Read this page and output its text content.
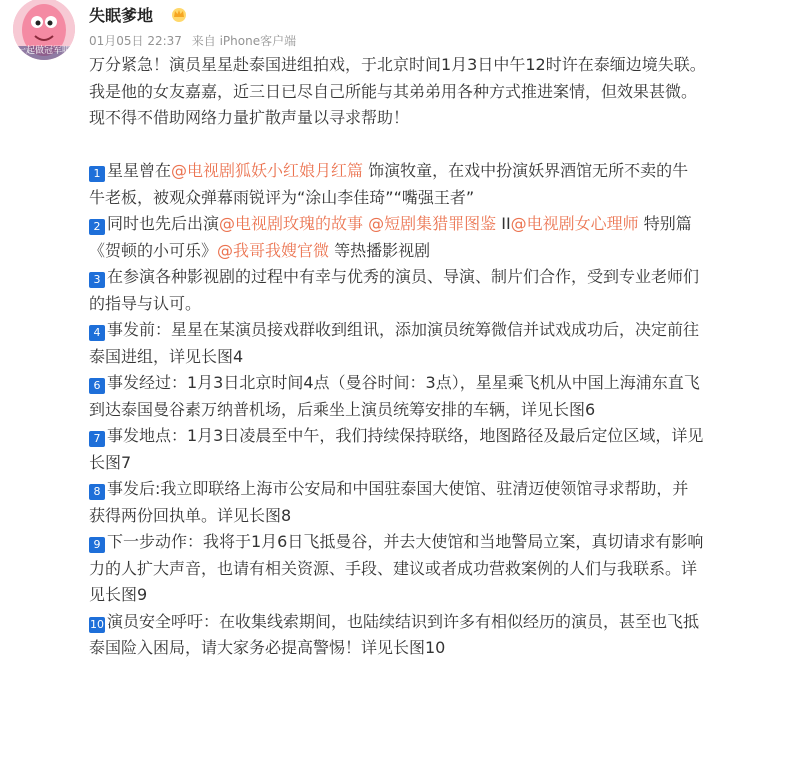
一起做冠军吧
失眠爹地
01月05日 22:37 来自 iPhone客户端
万分紧急！演员星星赴泰国进组拍戏，于北京时间1月3日中午12时许在泰缅边境失联。
我是他的女友嘉嘉，近三日已尽自己所能与其弟弟用各种方式推进案情，但效果甚微。
现不得不借助网络力量扩散声量以寻求帮助！
1 星星曾在@电视剧狐妖小红娘月红篇 饰演牧童，在戏中扮演妖界酒馆无所不卖的牛
牛老板，被观众弹幕雨锐评为“涂山李佳琦”“嘴强王者”
2 同时也先后出演@电视剧玫瑰的故事 @短剧集猎罪图鉴 II@电视剧女心理师 特别篇
《贺顿的小可乐》@我哥我嫂官微 等热播影视剧
3 在参演各种影视剧的过程中有幸与优秀的演员、导演、制片们合作，受到专业老师们
的指导与认可。
4 事发前：星星在某演员接戏群收到组讯，添加演员统筹微信并试戏成功后，决定前往
泰国进组，详见长图4
6 事发经过：1月3日北京时间4点（曼谷时间：3点），星星乘飞机从中国上海浦东直飞
到达泰国曼谷素万纳普机场，后乘坐上演员统筹安排的车辆，详见长图6
7 事发地点：1月3日凌晨至中午，我们持续保持联络，地图路径及最后定位区域，详见
长图7
8 事发后:我立即联络上海市公安局和中国驻泰国大使馆、驻清迈使领馆寻求帮助，并
获得两份回执单。详见长图8
9 下一步动作：我将于1月6日飞抵曼谷，并去大使馆和当地警局立案，真切请求有影响
力的人扩大声音，也请有相关资源、手段、建议或者成功营救案例的人们与我联系。详
见长图9
10 演员安全呼吁：在收集线索期间，也陆续结识到许多有相似经历的演员，甚至也飞抵
泰国险入困局，请大家务必提高警惕！详见长图10
